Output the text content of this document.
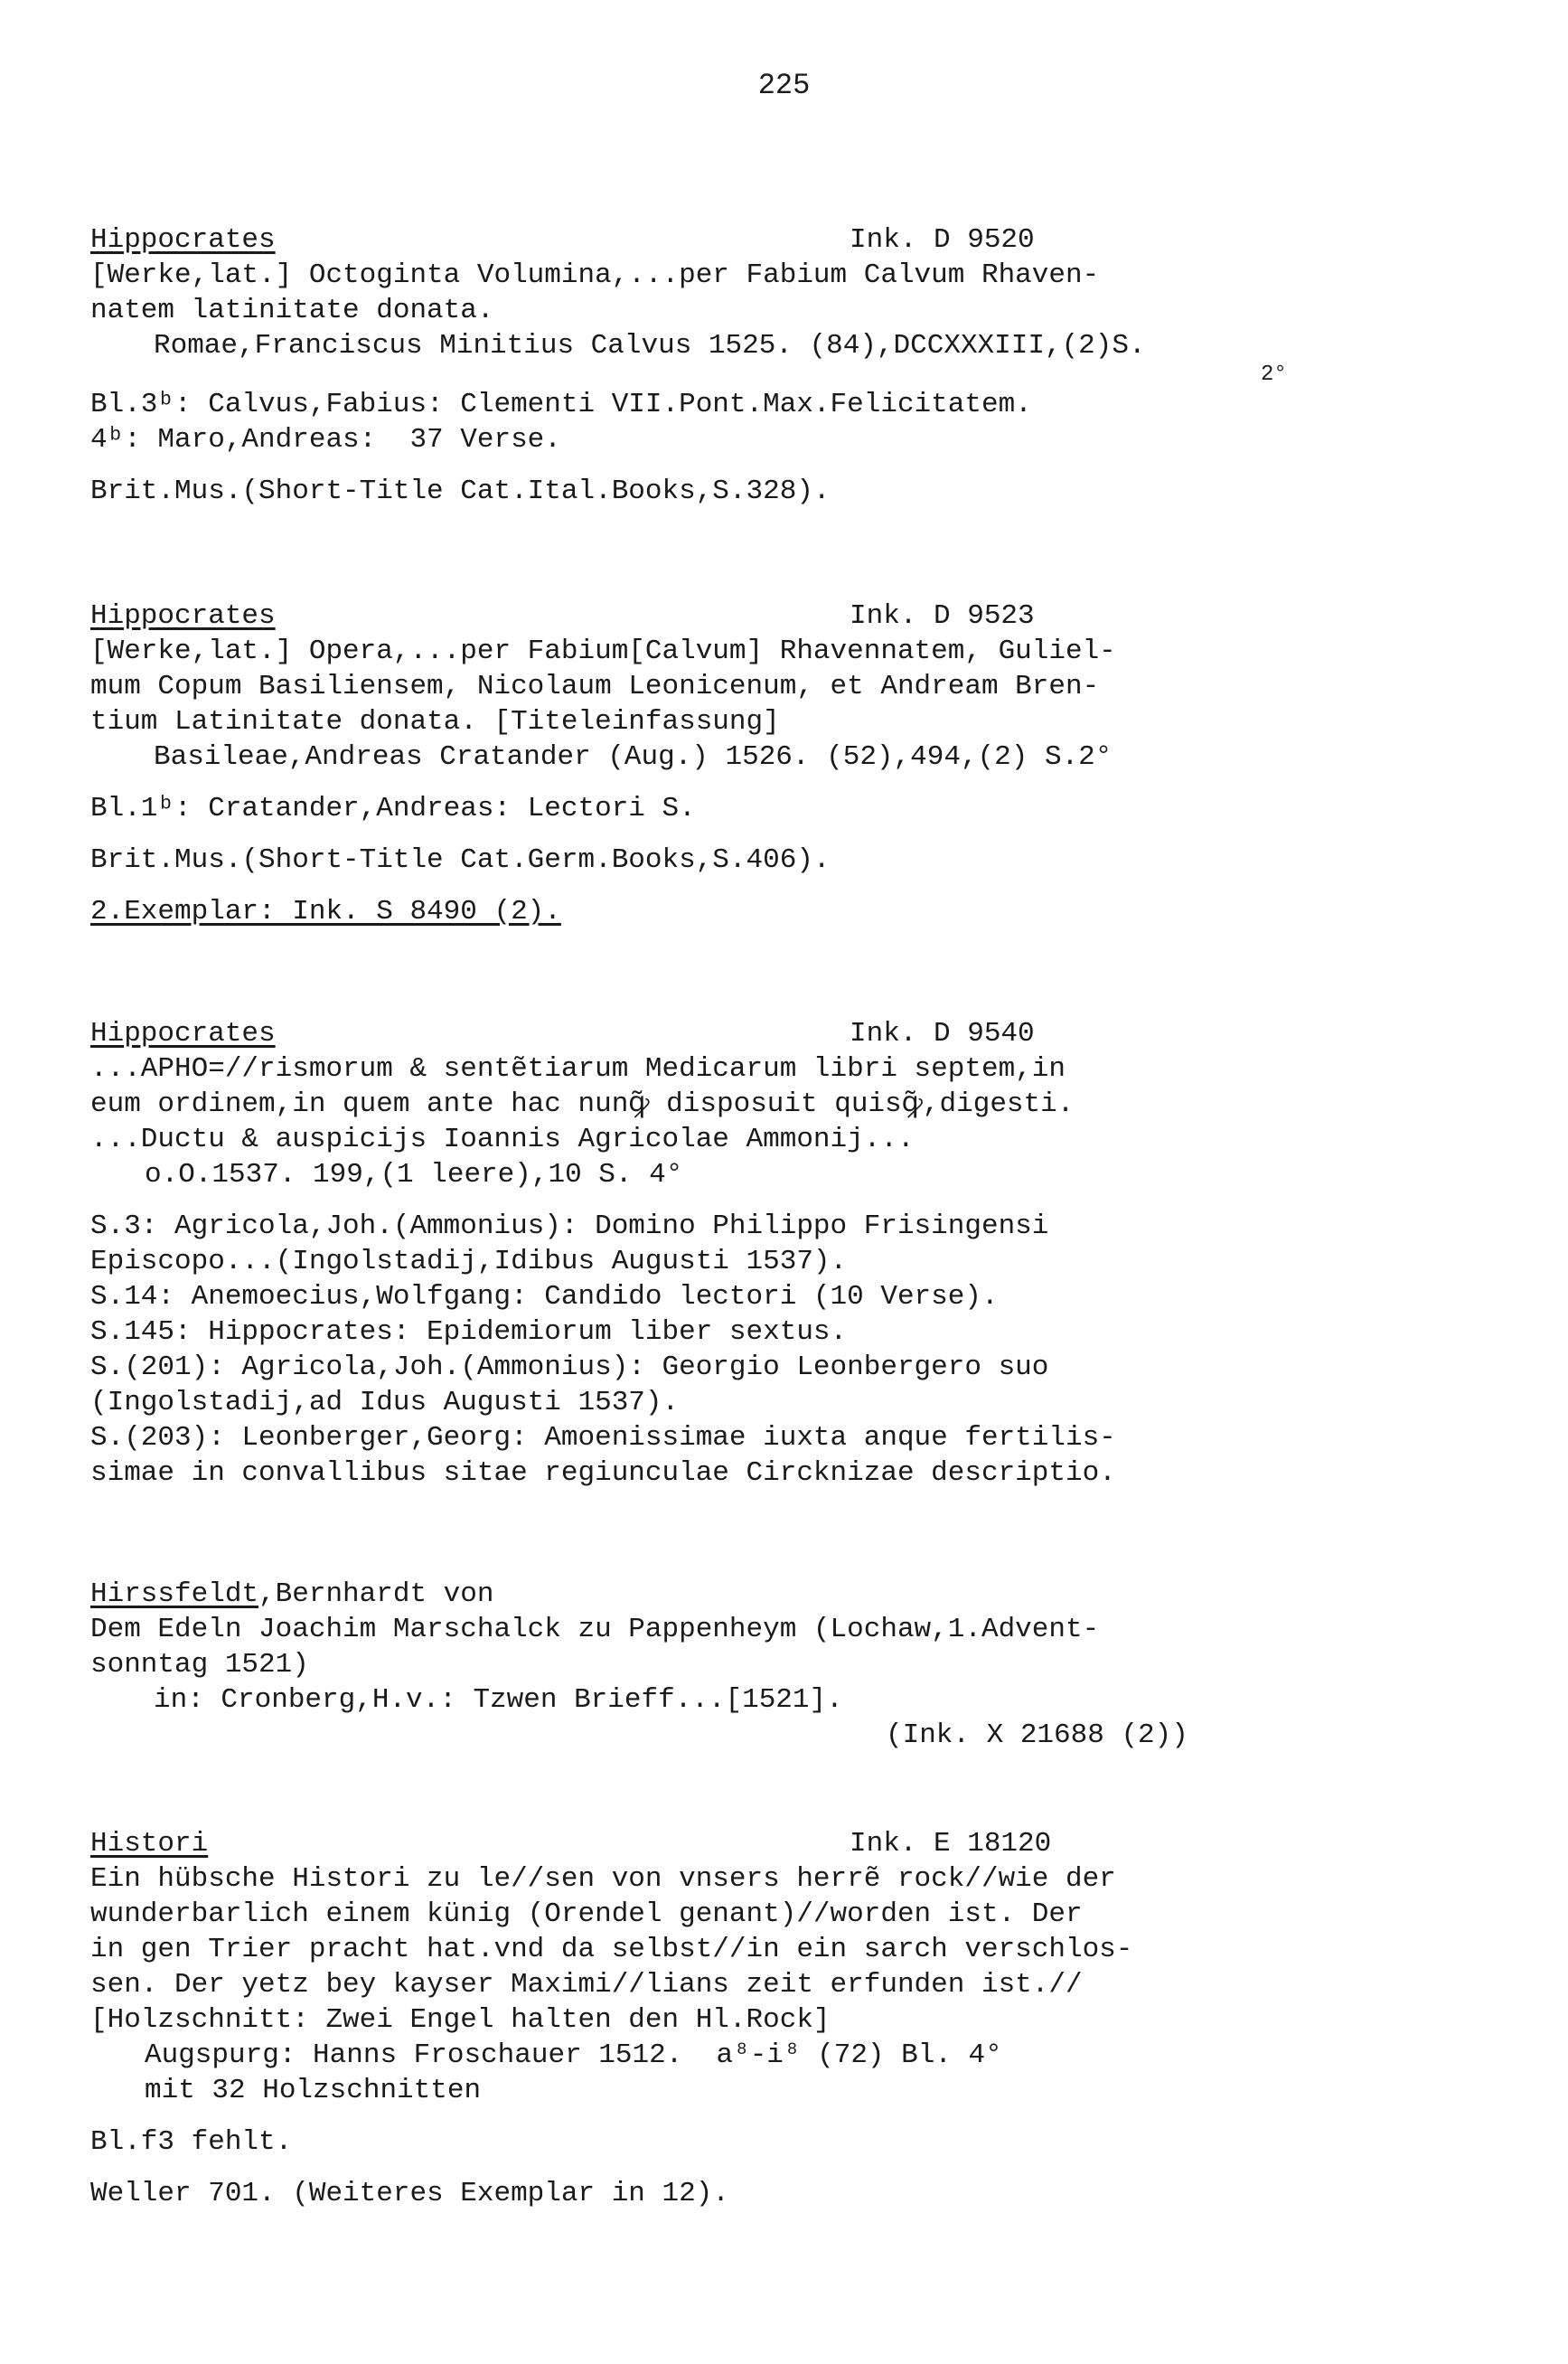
225
Hippocrates	Ink. D 9520
[Werke,lat.] Octoginta Volumina,...per Fabium Calvum Rhaven-
natem latinitate donata.
Romae,Franciscus Minitius Calvus 1525. (84),DCCXXXIII,(2)S.

2°

Bl.3ᵇ: Calvus,Fabius: Clementi VII.Pont.Max.Felicitatem.
4ᵇ: Maro,Andreas:  37 Verse.
Brit.Mus.(Short-Title Cat.Ital.Books,S.328).
Hippocrates	Ink. D 9523
[Werke,lat.] Opera,...per Fabium[Calvum] Rhavennatem, Guliel-
mum Copum Basiliensem, Nicolaum Leonicenum, et Andream Bren-
tium Latinitate donata. [Titeleinfassung]
Basileae,Andreas Cratander (Aug.) 1526. (52),494,(2) S.2°
Bl.1ᵇ: Cratander,Andreas: Lectori S.
Brit.Mus.(Short-Title Cat.Germ.Books,S.406).
2.Exemplar: Ink. S 8490 (2).
Hippocrates	Ink. D 9540
...APHO=//rismorum & sentẽtiarum Medicarum libri septem,in
eum ordinem,in quem ante hac nunꝙ̃ disposuit quisꝙ̃,digesti.
...Ductu & auspicijs Ioannis Agricolae Ammonij...
o.O.1537. 199,(1 leere),10 S. 4°
S.3: Agricola,Joh.(Ammonius): Domino Philippo Frisingensi
Episcopo...(Ingolstadij,Idibus Augusti 1537).
S.14: Anemoecius,Wolfgang: Candido lectori (10 Verse).
S.145: Hippocrates: Epidemiorum liber sextus.
S.(201): Agricola,Joh.(Ammonius): Georgio Leonbergero suo
(Ingolstadij,ad Idus Augusti 1537).
S.(203): Leonberger,Georg: Amoenissimae iuxta anque fertilis-
simae in convallibus sitae regiunculae Circknizae descriptio.
Hirssfeldt,Bernhardt von
Dem Edeln Joachim Marschalck zu Pappenheym (Lochaw,1.Advent-
sonntag 1521)
in: Cronberg,H.v.: Tzwen Brieff...[1521].
(Ink. X 21688 (2))
Histori	Ink. E 18120
Ein hübsche Histori zu le//sen von vnsers herrẽ rock//wie der
wunderbarlich einem künig (Orendel genant)//worden ist. Der
in gen Trier pracht hat.vnd da selbst//in ein sarch verschlos-
sen. Der yetz bey kayser Maximi//lians zeit erfunden ist.//
[Holzschnitt: Zwei Engel halten den Hl.Rock]
Augspurg: Hanns Froschauer 1512.  a⁸-i⁸ (72) Bl. 4°
mit 32 Holzschnitten
Bl.f3 fehlt.
Weller 701. (Weiteres Exemplar in 12).
